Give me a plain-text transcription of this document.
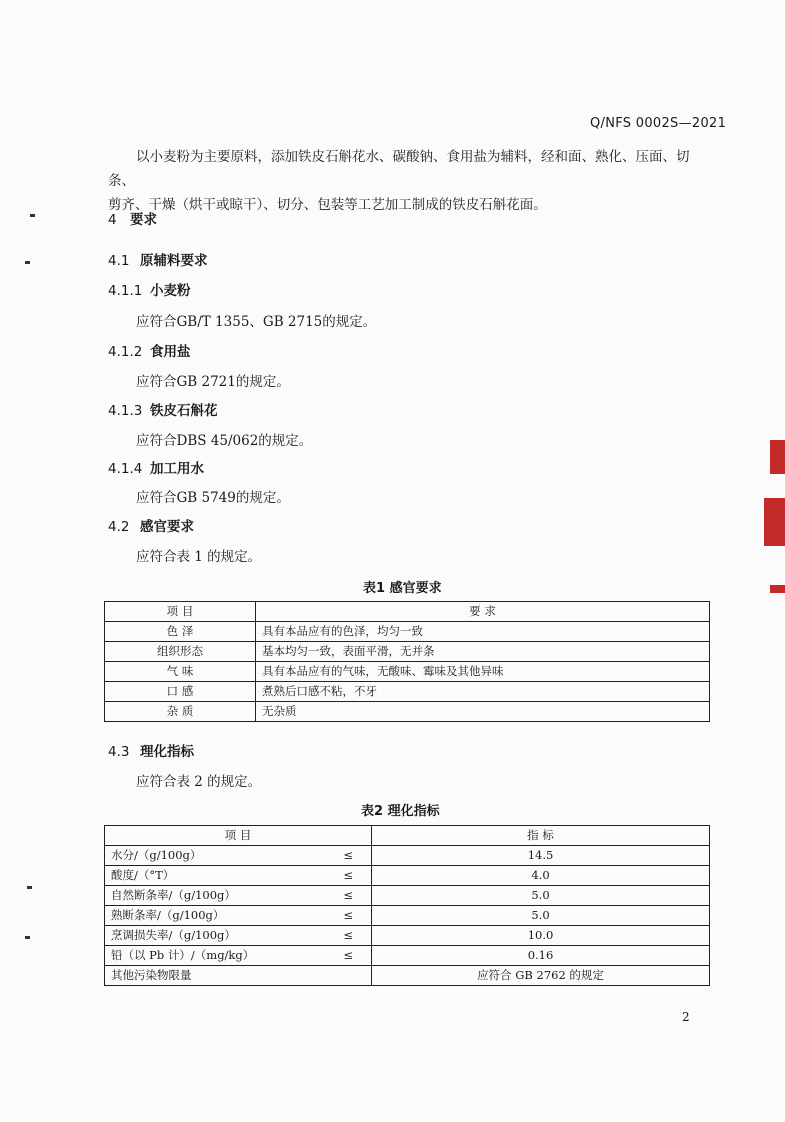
Q/NFS 0002S—2021
以小麦粉为主要原料，添加铁皮石斛花水、碳酸钠、食用盐为辅料，经和面、熟化、压面、切条、
剪齐、干燥（烘干或晾干）、切分、包装等工艺加工制成的铁皮石斛花面。
4 要求
4.1 原辅料要求
4.1.1 小麦粉
应符合GB/T 1355、GB 2715的规定。
4.1.2 食用盐
应符合GB 2721的规定。
4.1.3 铁皮石斛花
应符合DBS 45/062的规定。
4.1.4 加工用水
应符合GB 5749的规定。
4.2 感官要求
应符合表 1 的规定。
表1 感官要求
项 目	要 求
色 泽	具有本品应有的色泽，均匀一致
组织形态	基本均匀一致，表面平滑，无并条
气 味	具有本品应有的气味，无酸味、霉味及其他异味
口 感	煮熟后口感不粘，不牙
杂 质	无杂质
4.3 理化指标
应符合表 2 的规定。
表2 理化指标
项 目		指 标
水分/（g/100g）	≤	14.5
酸度/（°T）	≤	4.0
自然断条率/（g/100g）	≤	5.0
熟断条率/（g/100g）	≤	5.0
烹调损失率/（g/100g）	≤	10.0
铅（以 Pb 计）/（mg/kg）	≤	0.16
其他污染物限量		应符合 GB 2762 的规定
2
